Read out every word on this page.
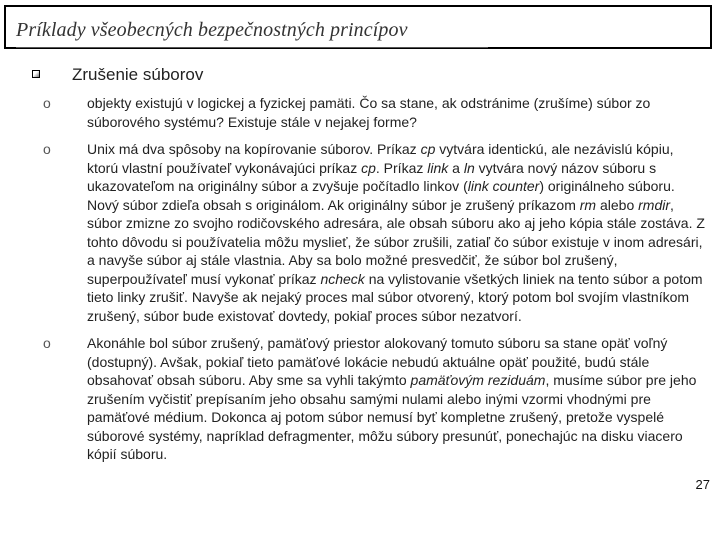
Príklady všeobecných bezpečnostných princípov
Zrušenie súborov
o	objekty existujú v logickej a fyzickej pamäti. Čo sa stane, ak odstránime (zrušíme) súbor zo súborového systému? Existuje stále v nejakej forme?
o	Unix má dva spôsoby na kopírovanie súborov. Príkaz cp vytvára identickú, ale nezávislú kópiu, ktorú vlastní používateľ vykonávajúci príkaz cp. Príkaz link a ln vytvára nový názov súboru s ukazovateľom na originálny súbor a zvyšuje počítadlo linkov (link counter) originálneho súboru. Nový súbor zdieľa obsah s originálom. Ak originálny súbor je zrušený príkazom rm alebo rmdir, súbor zmizne zo svojho rodičovského adresára, ale obsah súboru ako aj jeho kópia stále zostáva. Z tohto dôvodu si používatelia môžu myslieť, že súbor zrušili, zatiaľ čo súbor existuje v inom adresári, a navyše súbor aj stále vlastnia. Aby sa bolo možné presvedčiť, že súbor bol zrušený, superpoužívateľ musí vykonať príkaz ncheck na vylistovanie všetkých liniek na tento súbor a potom tieto linky zrušiť. Navyše ak nejaký proces mal súbor otvorený, ktorý potom bol svojím vlastníkom zrušený, súbor bude existovať dovtedy, pokiaľ proces súbor nezatvorí.
o	Akonáhle bol súbor zrušený, pamäťový priestor alokovaný tomuto súboru sa stane opäť voľný (dostupný). Avšak, pokiaľ tieto pamäťové lokácie nebudú aktuálne opäť použité, budú stále obsahovať obsah súboru. Aby sme sa vyhli takýmto pamäťovým reziduám, musíme súbor pre jeho zrušením vyčistiť prepísaním jeho obsahu samými nulami alebo inými vzormi vhodnými pre pamäťové médium. Dokonca aj potom súbor nemusí byť kompletne zrušený, pretože vyspelé súborové systémy, napríklad defragmenter, môžu súbory presunúť, ponechajúc na disku viacero kópií súboru.
27
